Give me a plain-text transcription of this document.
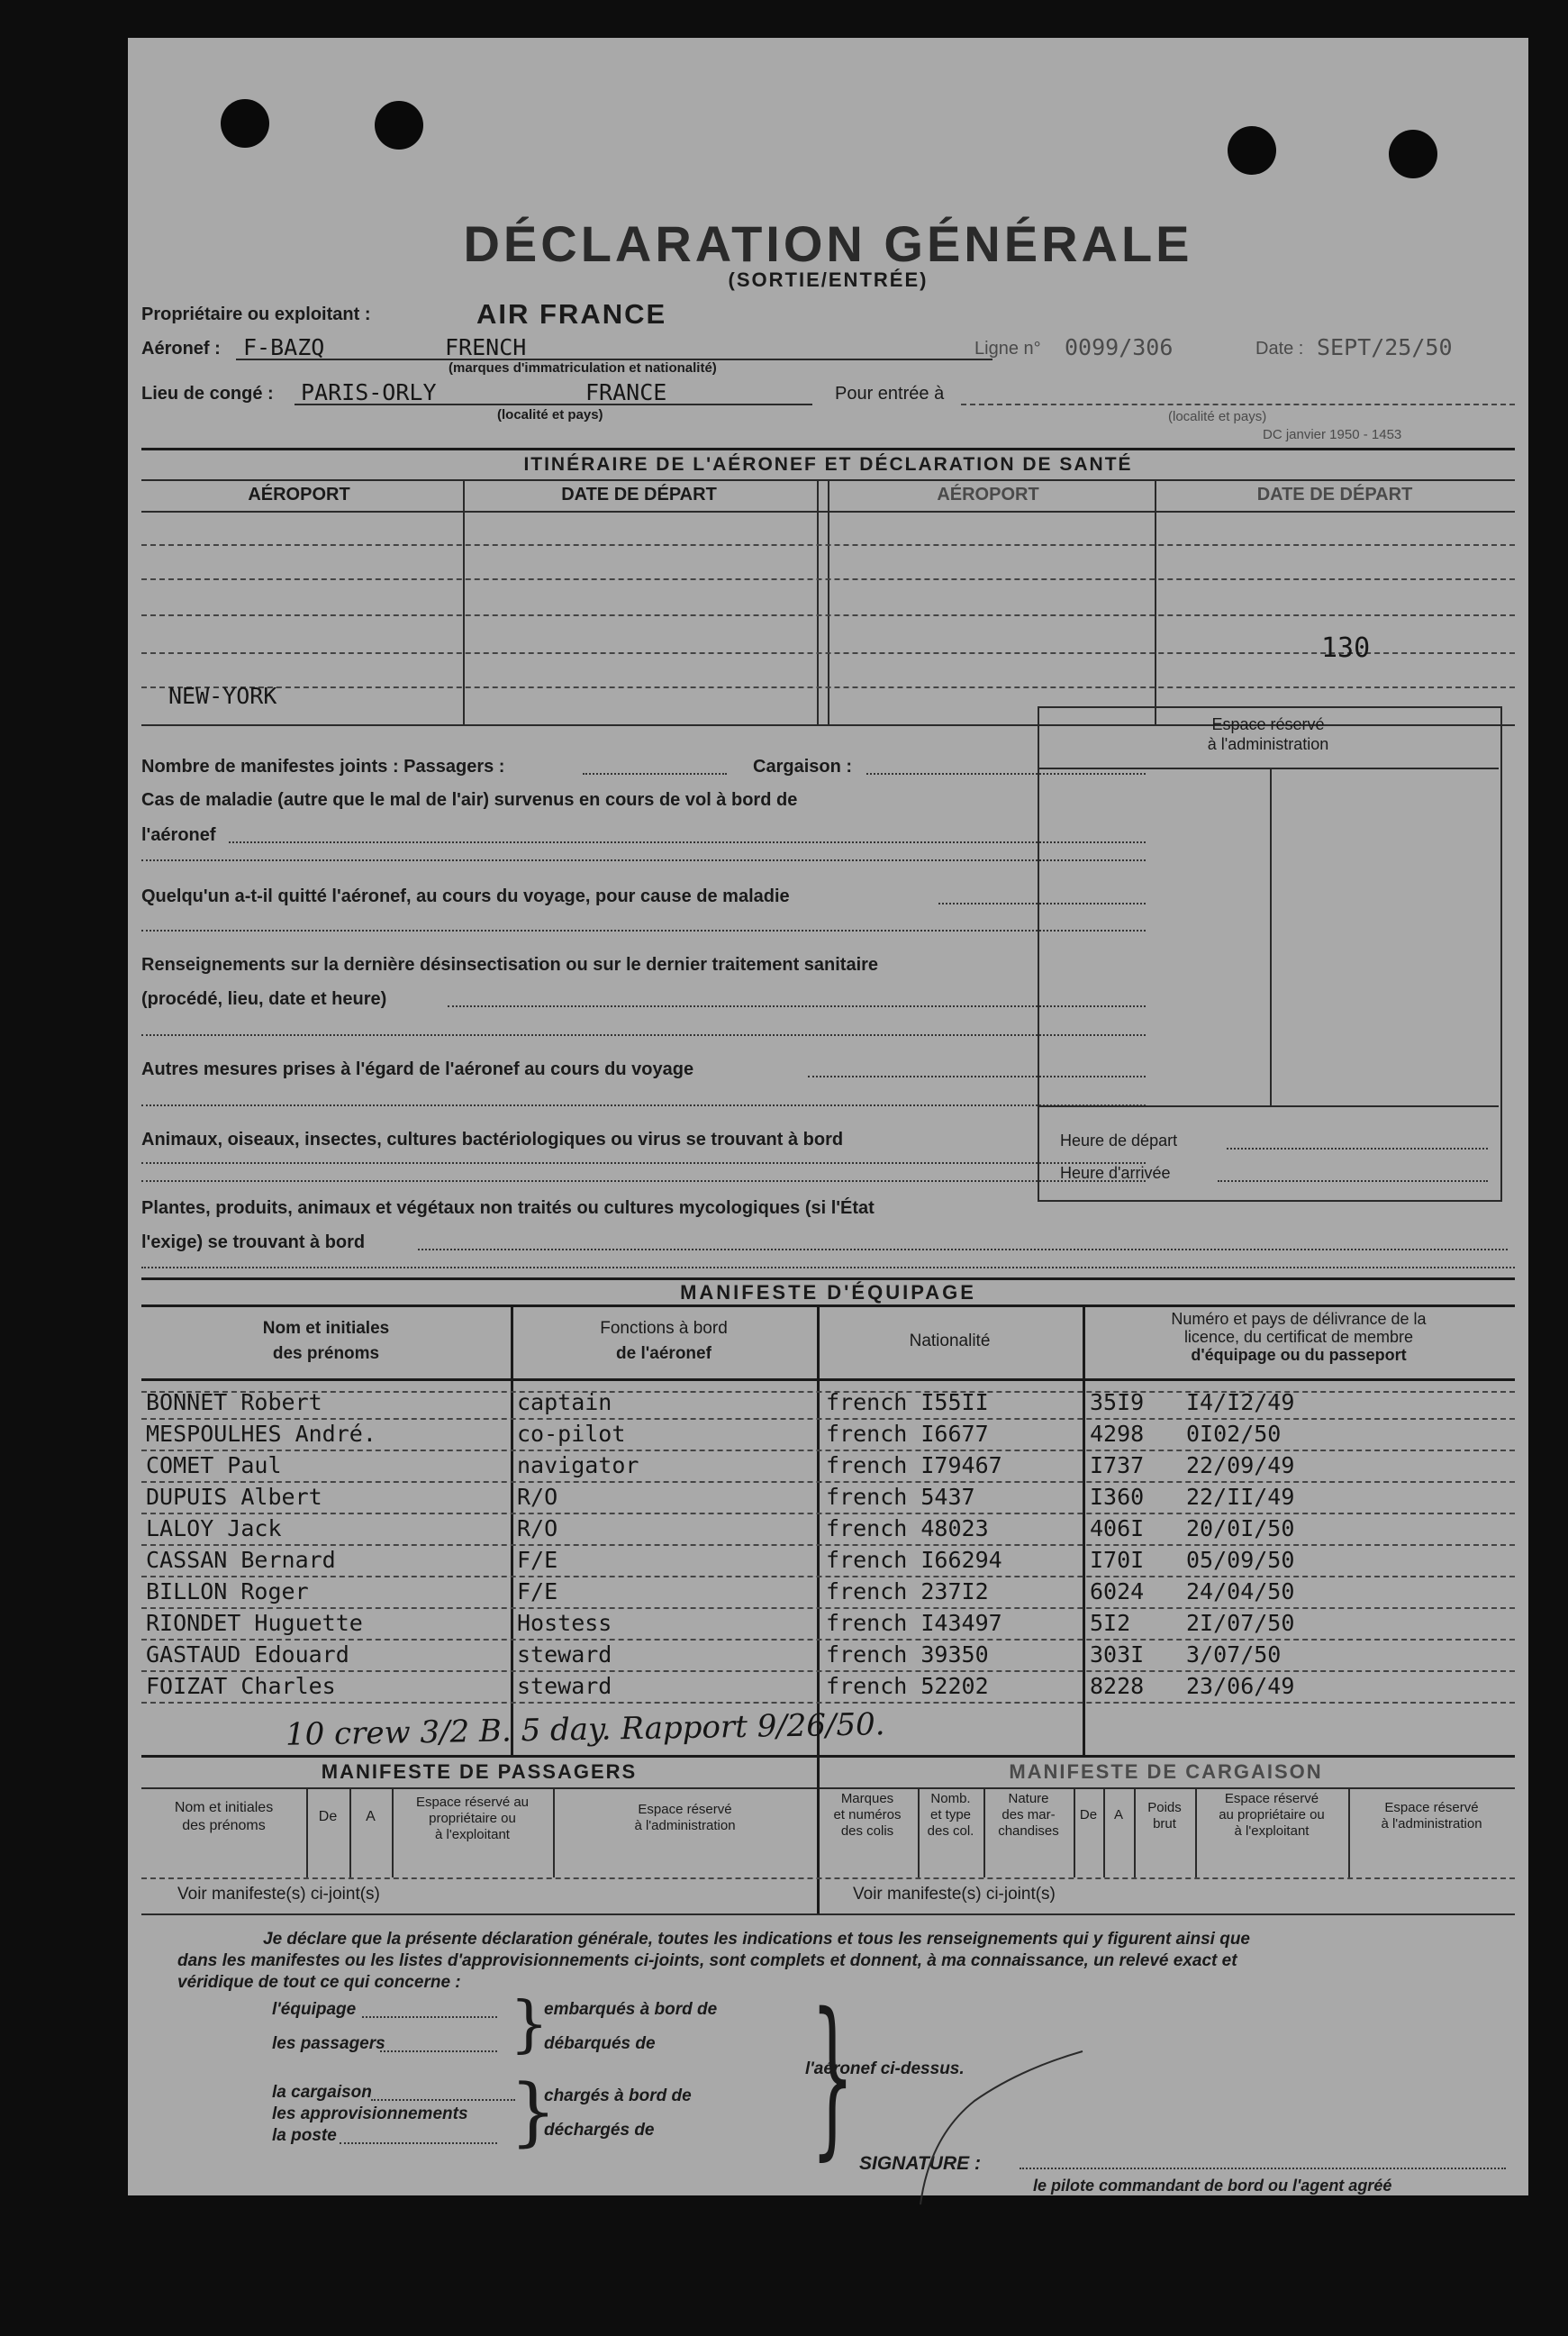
DÉCLARATION GÉNÉRALE
(SORTIE/ENTRÉE)
Propriétaire ou exploitant :	AIR FRANCE
Aéronef : F-BAZQ	FRENCH
(marques d'immatriculation et nationalité)
Ligne n° 0099/306	Date : SEPT/25/50
Lieu de congé : PARIS-ORLY	FRANCE
(localité et pays)
Pour entrée à
(localité et pays)
DC janvier 1950 - 1453
ITINÉRAIRE DE L'AÉRONEF ET DÉCLARATION DE SANTÉ
AÉROPORT	DATE DE DÉPART	AÉROPORT	DATE DE DÉPART
130
NEW-YORK
Nombre de manifestes joints : Passagers :	Cargaison :
Cas de maladie (autre que le mal de l'air) survenus en cours de vol à bord de
l'aéronef
Quelqu'un a-t-il quitté l'aéronef, au cours du voyage, pour cause de maladie
Renseignements sur la dernière désinsectisation ou sur le dernier traitement sanitaire
(procédé, lieu, date et heure)
Autres mesures prises à l'égard de l'aéronef au cours du voyage
Animaux, oiseaux, insectes, cultures bactériologiques ou virus se trouvant à bord
Plantes, produits, animaux et végétaux non traités ou cultures mycologiques (si l'État
l'exige) se trouvant à bord
Espace réservé
à l'administration
Heure de départ
Heure d'arrivée
MANIFESTE D'ÉQUIPAGE
Nom et initiales
des prénoms
Fonctions à bord
de l'aéronef
Nationalité
Numéro et pays de délivrance de la
licence, du certificat de membre
d'équipage ou du passeport
BONNET Robert	captain	french I55II	35I9 I4/I2/49
MESPOULHES André.	co-pilot	french I6677	4298 0I02/50
COMET Paul	navigator	french I79467	I737 22/09/49
DUPUIS Albert	R/O	french 5437	I360 22/II/49
LALOY Jack	R/O	french 48023	406I 20/0I/50
CASSAN Bernard	F/E	french I66294	I70I 05/09/50
BILLON Roger	F/E	french 237I2	6024 24/04/50
RIONDET Huguette	Hostess	french I43497	5I2 2I/07/50
GASTAUD Edouard	steward	french 39350	303I 3/07/50
FOIZAT Charles	steward	french 52202	8228 23/06/49
10 crew 3/2 B. 5 day. Rapport 9/26/50.
MANIFESTE DE PASSAGERS
Nom et initiales
des prénoms
De	A
Espace réservé au
propriétaire ou
à l'exploitant
Espace réservé
à l'administration
Voir manifeste(s) ci-joint(s)
MANIFESTE DE CARGAISON
Marques
et numéros
des colis
Nomb.
et type
des col.
Nature
des mar-
chandises
De	A	Poids
brut
Espace réservé
au propriétaire ou
à l'exploitant
Espace réservé
à l'administration
Voir manifeste(s) ci-joint(s)
Je déclare que la présente déclaration générale, toutes les indications et tous les renseignements qui y figurent ainsi que
dans les manifestes ou les listes d'approvisionnements ci-joints, sont complets et donnent, à ma connaissance, un relevé exact et
véridique de tout ce qui concerne :
l'équipage
les passagers
la cargaison
les approvisionnements
la poste
}
}
embarqués à bord de
débarqués de
chargés à bord de
déchargés de }
l'aéronef ci-dessus.
SIGNATURE :
le pilote commandant de bord ou l'agent agréé
